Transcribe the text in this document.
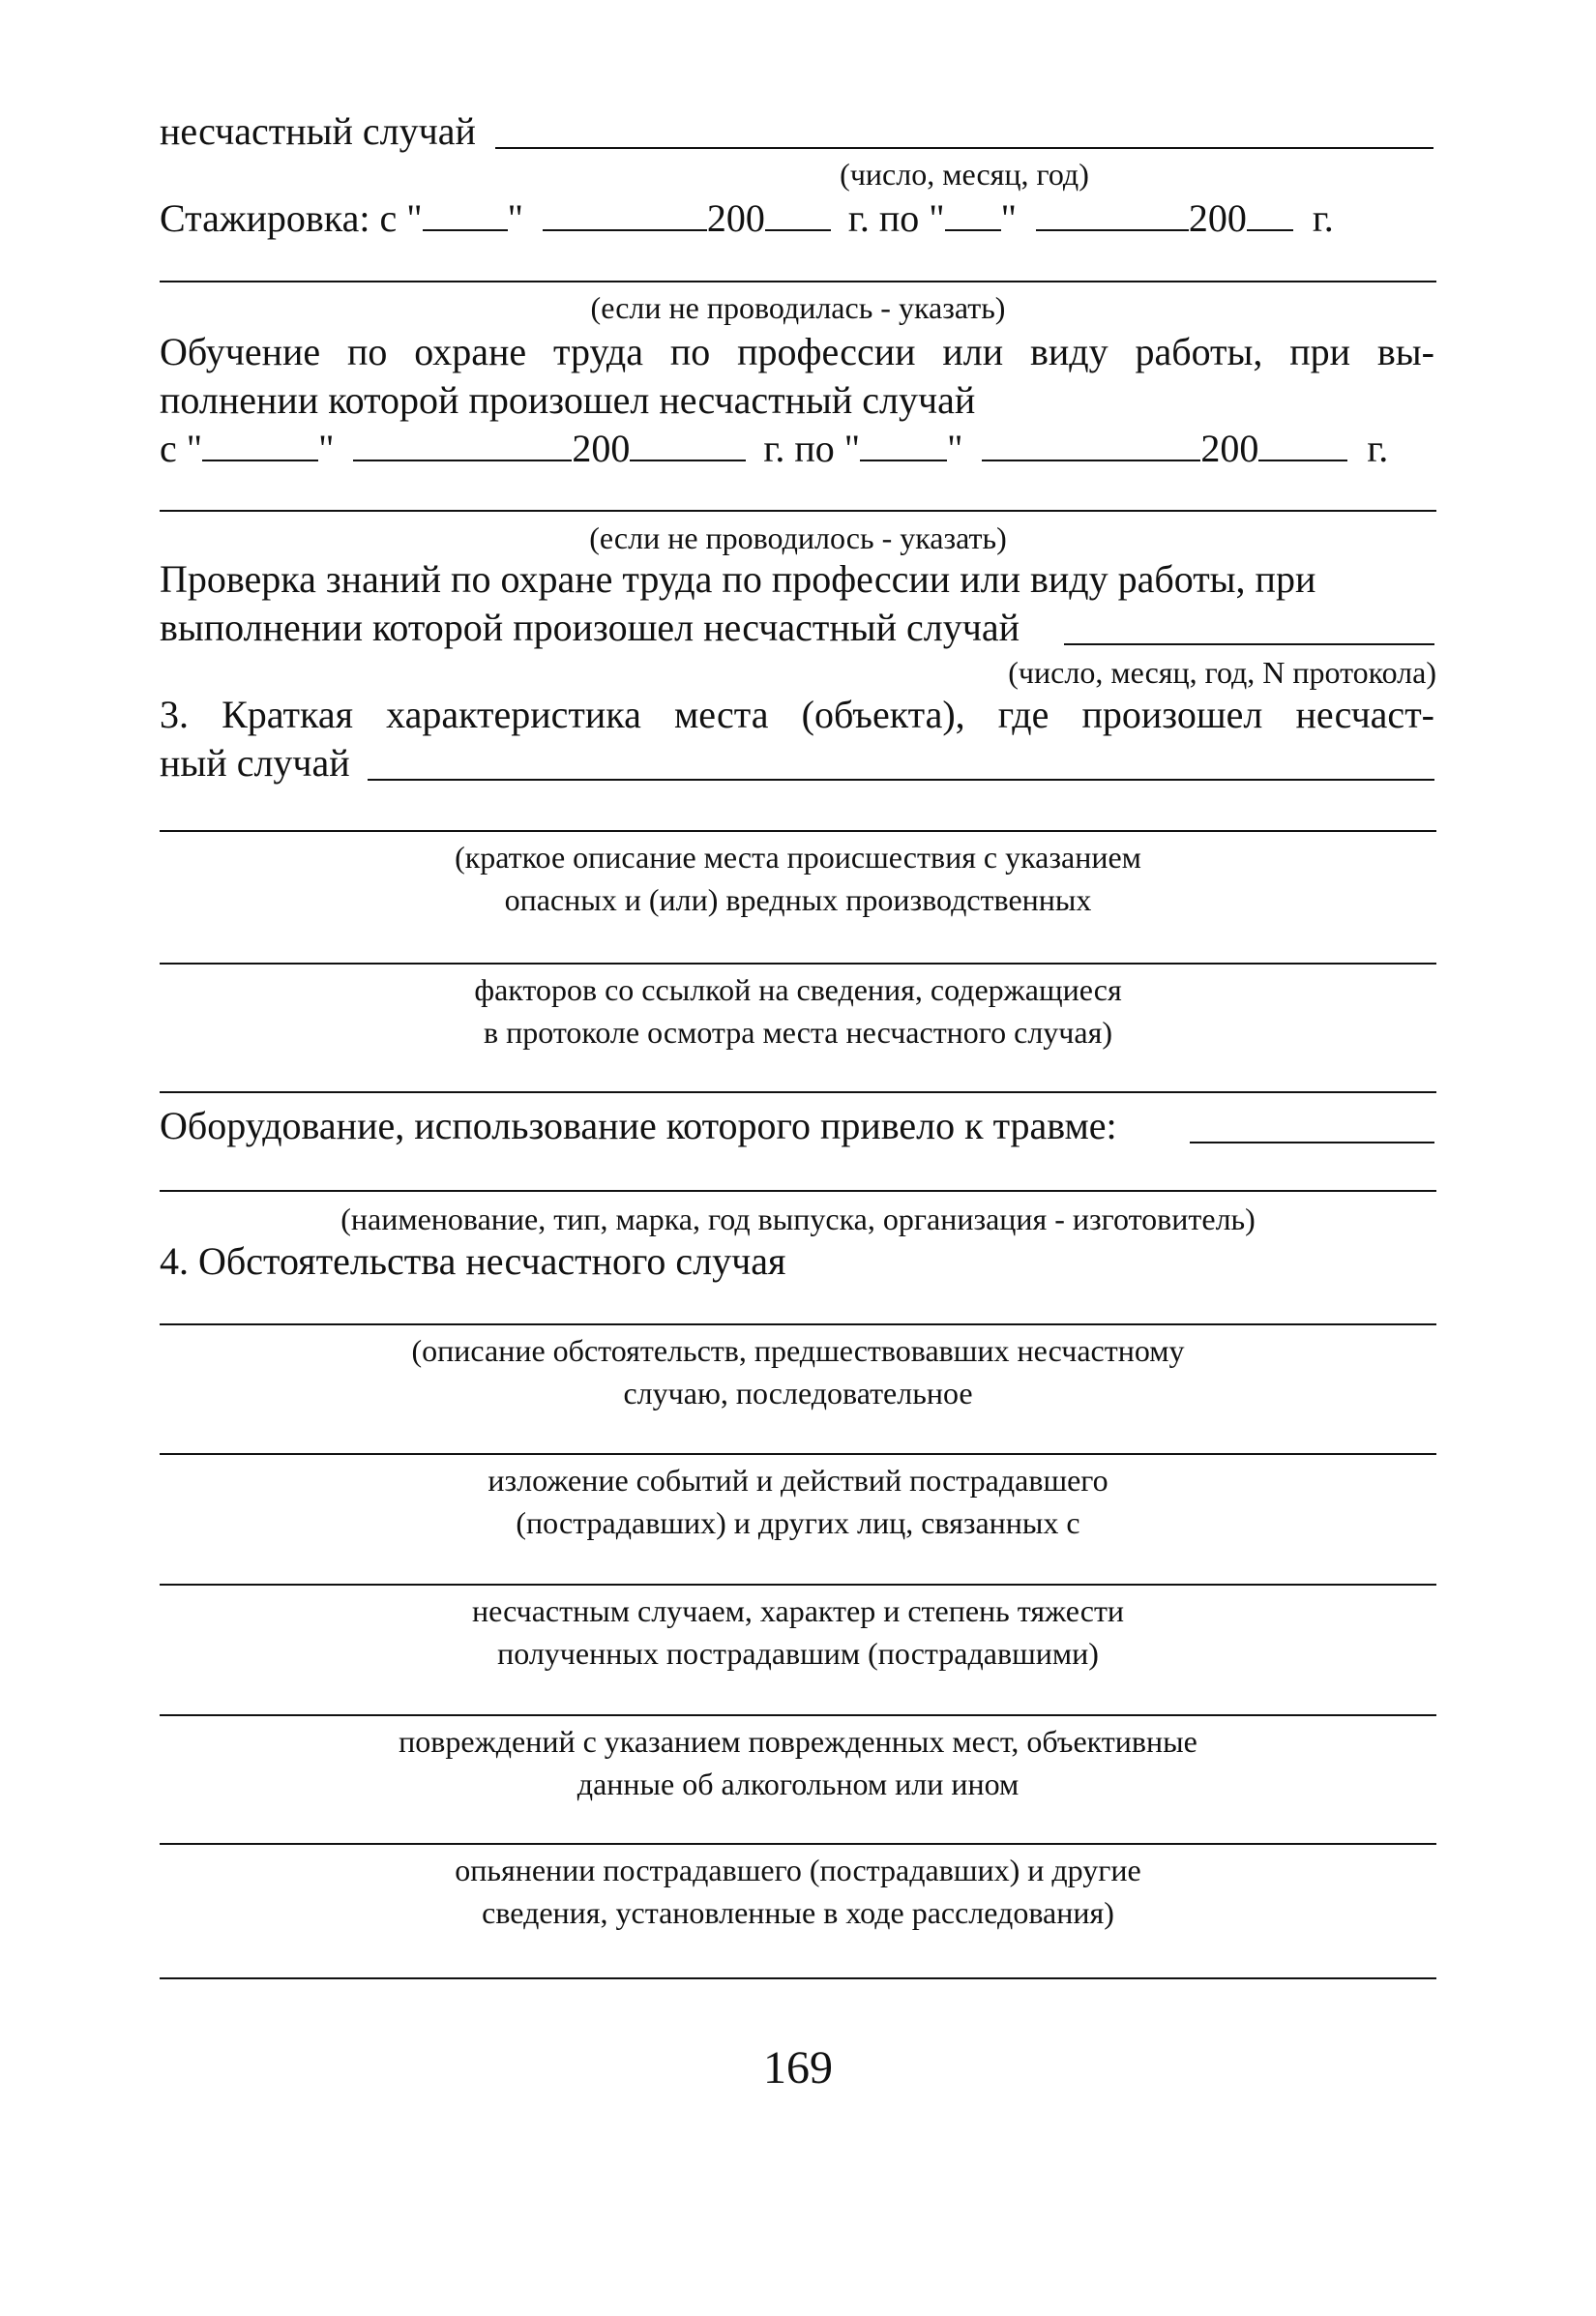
несчастный случай
(число, месяц, год)
Стажировка: с " "	200 г. по " "	200 г.
(если не проводилась - указать)
Обучение по охране труда по профессии или виду работы, при вы-
полнении которой произошел несчастный случай
с "	"	200	г. по " "	200	г.
(если не проводилось - указать)
Проверка знаний по охране труда по профессии или виду работы, при
выполнении которой произошел несчастный случай
(число, месяц, год, N протокола)
3. Краткая характеристика места (объекта), где произошел несчаст-
ный случай
(краткое описание места происшествия с указанием
опасных и (или) вредных производственных
факторов со ссылкой на сведения, содержащиеся
в протоколе осмотра места несчастного случая)
Оборудование, использование которого привело к травме:
(наименование, тип, марка, год выпуска, организация - изготовитель)
4. Обстоятельства несчастного случая
(описание обстоятельств, предшествовавших несчастному
случаю, последовательное
изложение событий и действий пострадавшего
(пострадавших) и других лиц, связанных с
несчастным случаем, характер и степень тяжести
полученных пострадавшим (пострадавшими)
повреждений с указанием поврежденных мест, объективные
данные об алкогольном или ином
опьянении пострадавшего (пострадавших) и другие
сведения, установленные в ходе расследования)
169
